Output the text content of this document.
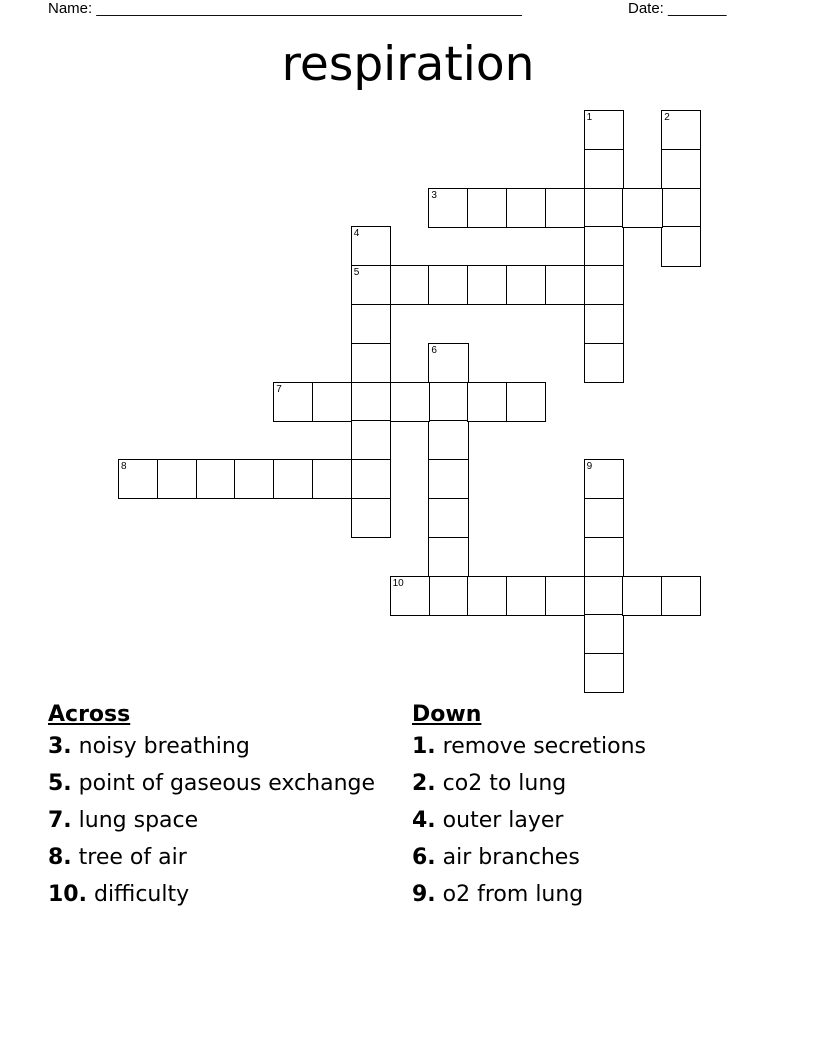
Name: ___________________________________________________	Date: _______
respiration
1	2
3
4
5
6
7
8	9
10
Across
3. noisy breathing
5. point of gaseous exchange
7. lung space
8. tree of air
10. difficulty
Down
1. remove secretions
2. co2 to lung
4. outer layer
6. air branches
9. o2 from lung
